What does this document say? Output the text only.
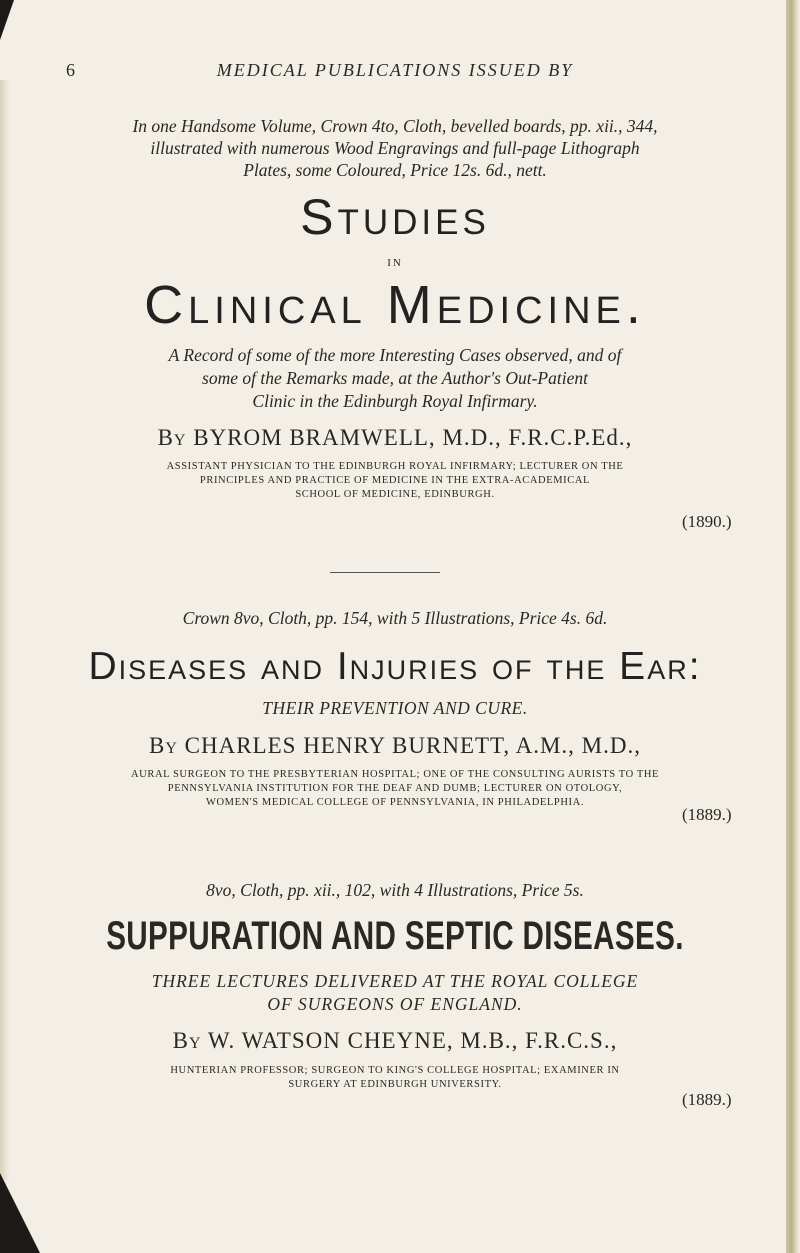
6	MEDICAL PUBLICATIONS ISSUED BY
In one Handsome Volume, Crown 4to, Cloth, bevelled boards, pp. xii., 344,
illustrated with numerous Wood Engravings and full-page Lithograph
Plates, some Coloured, Price 12s. 6d., nett.
Studies
IN
Clinical Medicine.
A Record of some of the more Interesting Cases observed, and of
some of the Remarks made, at the Author's Out-Patient
Clinic in the Edinburgh Royal Infirmary.
By BYROM BRAMWELL, M.D., F.R.C.P.Ed.,
ASSISTANT PHYSICIAN TO THE EDINBURGH ROYAL INFIRMARY; LECTURER ON THE
PRINCIPLES AND PRACTICE OF MEDICINE IN THE EXTRA-ACADEMICAL
SCHOOL OF MEDICINE, EDINBURGH.
(1890.)
Crown 8vo, Cloth, pp. 154, with 5 Illustrations, Price 4s. 6d.
Diseases and Injuries of the Ear:
THEIR PREVENTION AND CURE.
By CHARLES HENRY BURNETT, A.M., M.D.,
AURAL SURGEON TO THE PRESBYTERIAN HOSPITAL; ONE OF THE CONSULTING AURISTS TO THE
PENNSYLVANIA INSTITUTION FOR THE DEAF AND DUMB; LECTURER ON OTOLOGY,
WOMEN'S MEDICAL COLLEGE OF PENNSYLVANIA, IN PHILADELPHIA.
(1889.)
8vo, Cloth, pp. xii., 102, with 4 Illustrations, Price 5s.
SUPPURATION AND SEPTIC DISEASES.
THREE LECTURES DELIVERED AT THE ROYAL COLLEGE
OF SURGEONS OF ENGLAND.
By W. WATSON CHEYNE, M.B., F.R.C.S.,
HUNTERIAN PROFESSOR; SURGEON TO KING'S COLLEGE HOSPITAL; EXAMINER IN
SURGERY AT EDINBURGH UNIVERSITY.
(1889.)
